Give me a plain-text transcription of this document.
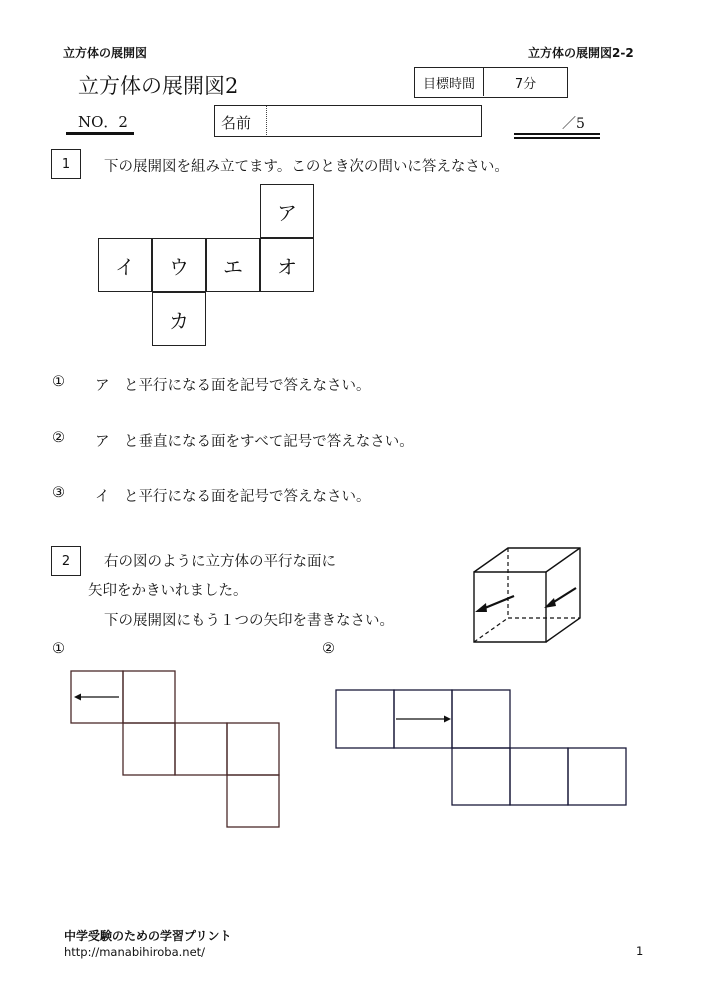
立方体の展開図	立方体の展開図2-2
立方体の展開図2	目標時間	7分
NO．2	名前	／5
1	下の展開図を組み立てます。このとき次の問いに答えなさい。
ア
イ	ウ	エ	オ
カ
① ア　と平行になる面を記号で答えなさい。
② ア　と垂直になる面をすべて記号で答えなさい。
③ イ　と平行になる面を記号で答えなさい。
2	右の図のように立方体の平行な面に
矢印をかきいれました。
下の展開図にもう１つの矢印を書きなさい。
①	②
中学受験のための学習プリント
http://manabihiroba.net/	1
